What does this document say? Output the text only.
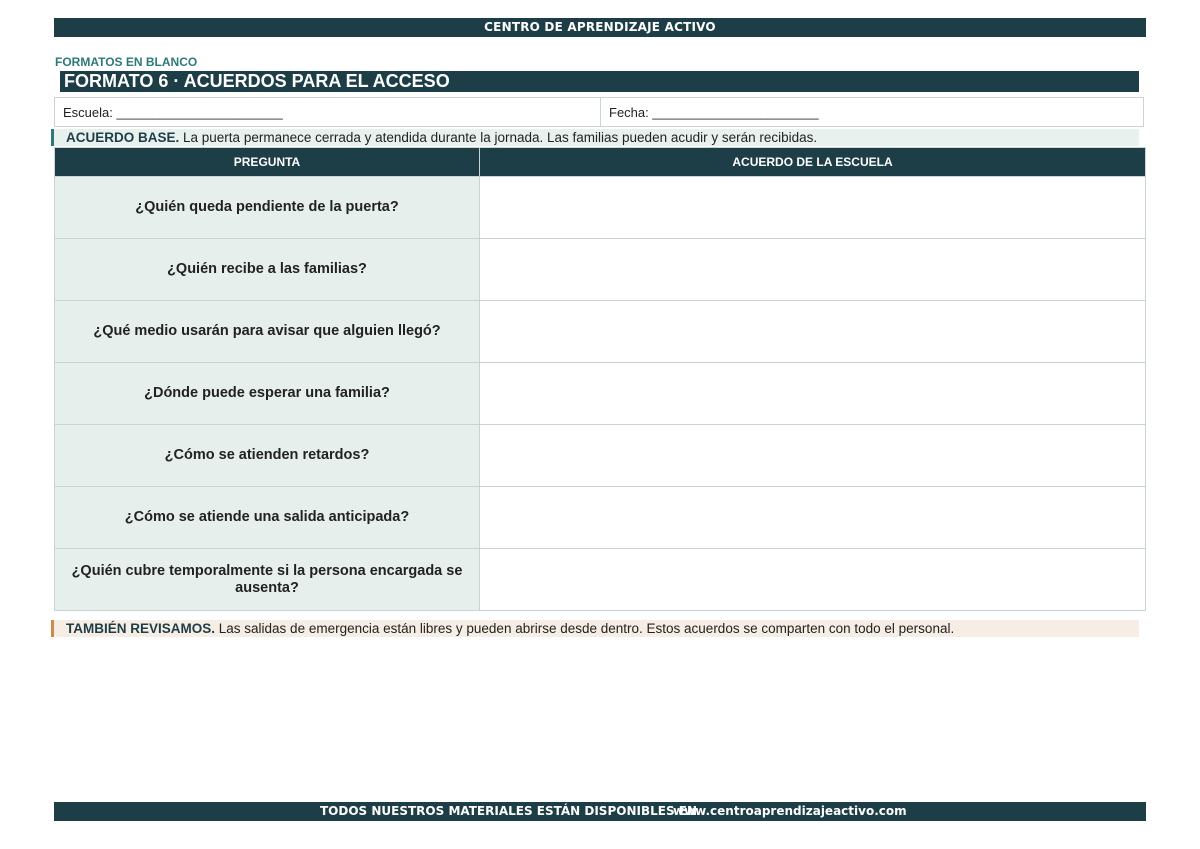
CENTRO DE APRENDIZAJE ACTIVO
FORMATOS EN BLANCO
FORMATO 6 · ACUERDOS PARA EL ACCESO
Escuela: _______________________	Fecha: _______________________
ACUERDO BASE. La puerta permanece cerrada y atendida durante la jornada. Las familias pueden acudir y serán recibidas.
PREGUNTA	ACUERDO DE LA ESCUELA
¿Quién queda pendiente de la puerta?	
¿Quién recibe a las familias?	
¿Qué medio usarán para avisar que alguien llegó?	
¿Dónde puede esperar una familia?	
¿Cómo se atienden retardos?	
¿Cómo se atiende una salida anticipada?	
¿Quién cubre temporalmente si la persona encargada se ausenta?	
TAMBIÉN REVISAMOS. Las salidas de emergencia están libres y pueden abrirse desde dentro. Estos acuerdos se comparten con todo el personal.
TODOS NUESTROS MATERIALES ESTÁN DISPONIBLES EN
www.centroaprendizajeactivo.com
